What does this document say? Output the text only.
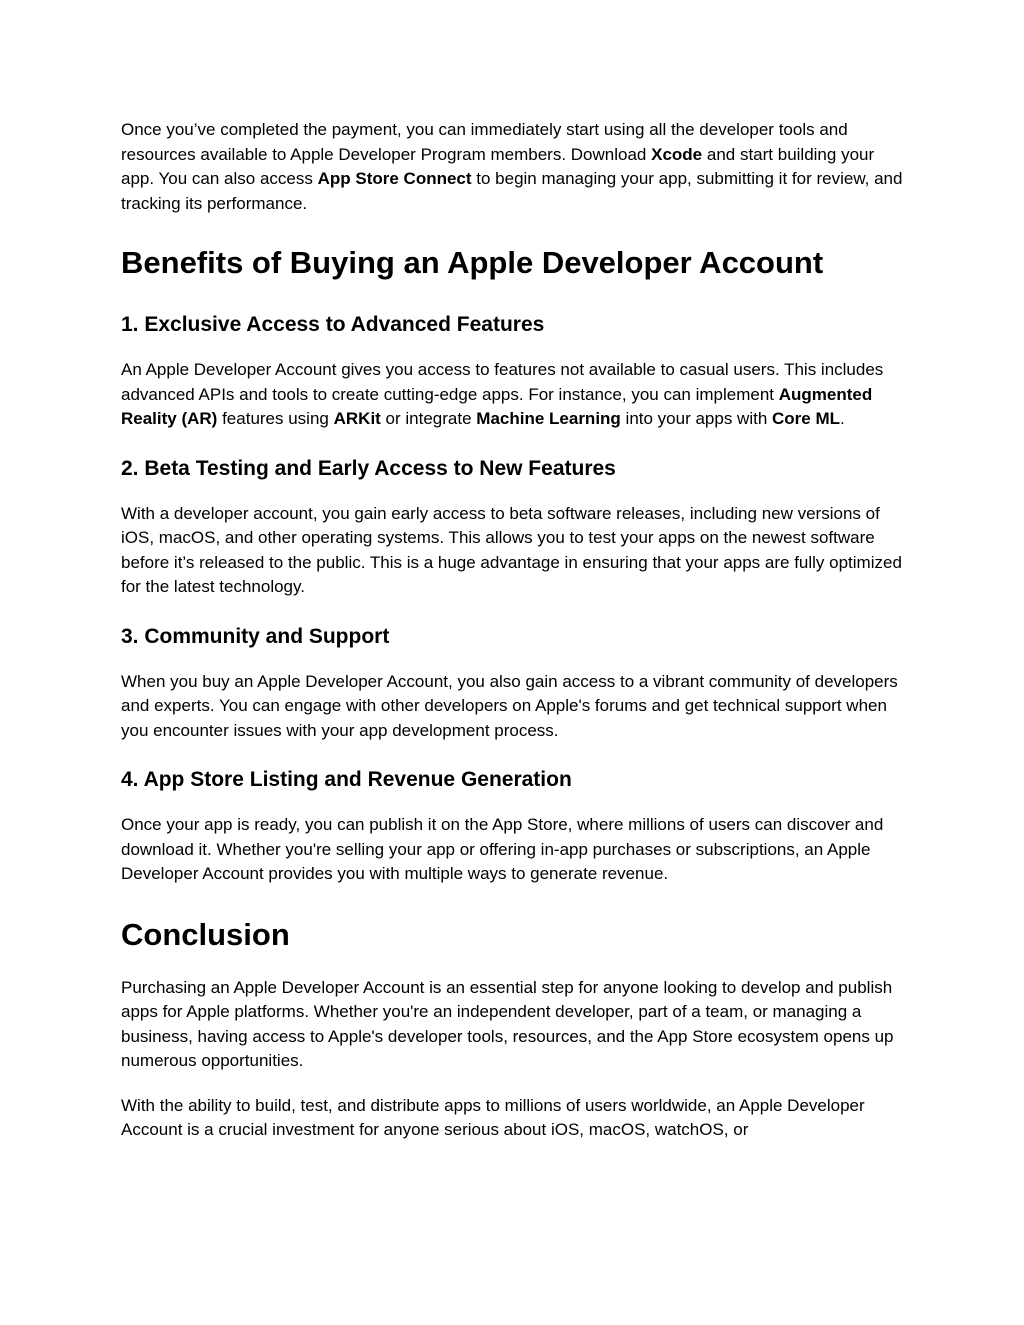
Once you’ve completed the payment, you can immediately start using all the developer tools and resources available to Apple Developer Program members. Download Xcode and start building your app. You can also access App Store Connect to begin managing your app, submitting it for review, and tracking its performance.

Benefits of Buying an Apple Developer Account
1. Exclusive Access to Advanced Features

An Apple Developer Account gives you access to features not available to casual users. This includes advanced APIs and tools to create cutting-edge apps. For instance, you can implement Augmented Reality (AR) features using ARKit or integrate Machine Learning into your apps with Core ML.

2. Beta Testing and Early Access to New Features

With a developer account, you gain early access to beta software releases, including new versions of iOS, macOS, and other operating systems. This allows you to test your apps on the newest software before it’s released to the public. This is a huge advantage in ensuring that your apps are fully optimized for the latest technology.

3. Community and Support

When you buy an Apple Developer Account, you also gain access to a vibrant community of developers and experts. You can engage with other developers on Apple's forums and get technical support when you encounter issues with your app development process.

4. App Store Listing and Revenue Generation

Once your app is ready, you can publish it on the App Store, where millions of users can discover and download it. Whether you're selling your app or offering in-app purchases or subscriptions, an Apple Developer Account provides you with multiple ways to generate revenue.

Conclusion

Purchasing an Apple Developer Account is an essential step for anyone looking to develop and publish apps for Apple platforms. Whether you're an independent developer, part of a team, or managing a business, having access to Apple's developer tools, resources, and the App Store ecosystem opens up numerous opportunities.

With the ability to build, test, and distribute apps to millions of users worldwide, an Apple Developer Account is a crucial investment for anyone serious about iOS, macOS, watchOS, or
